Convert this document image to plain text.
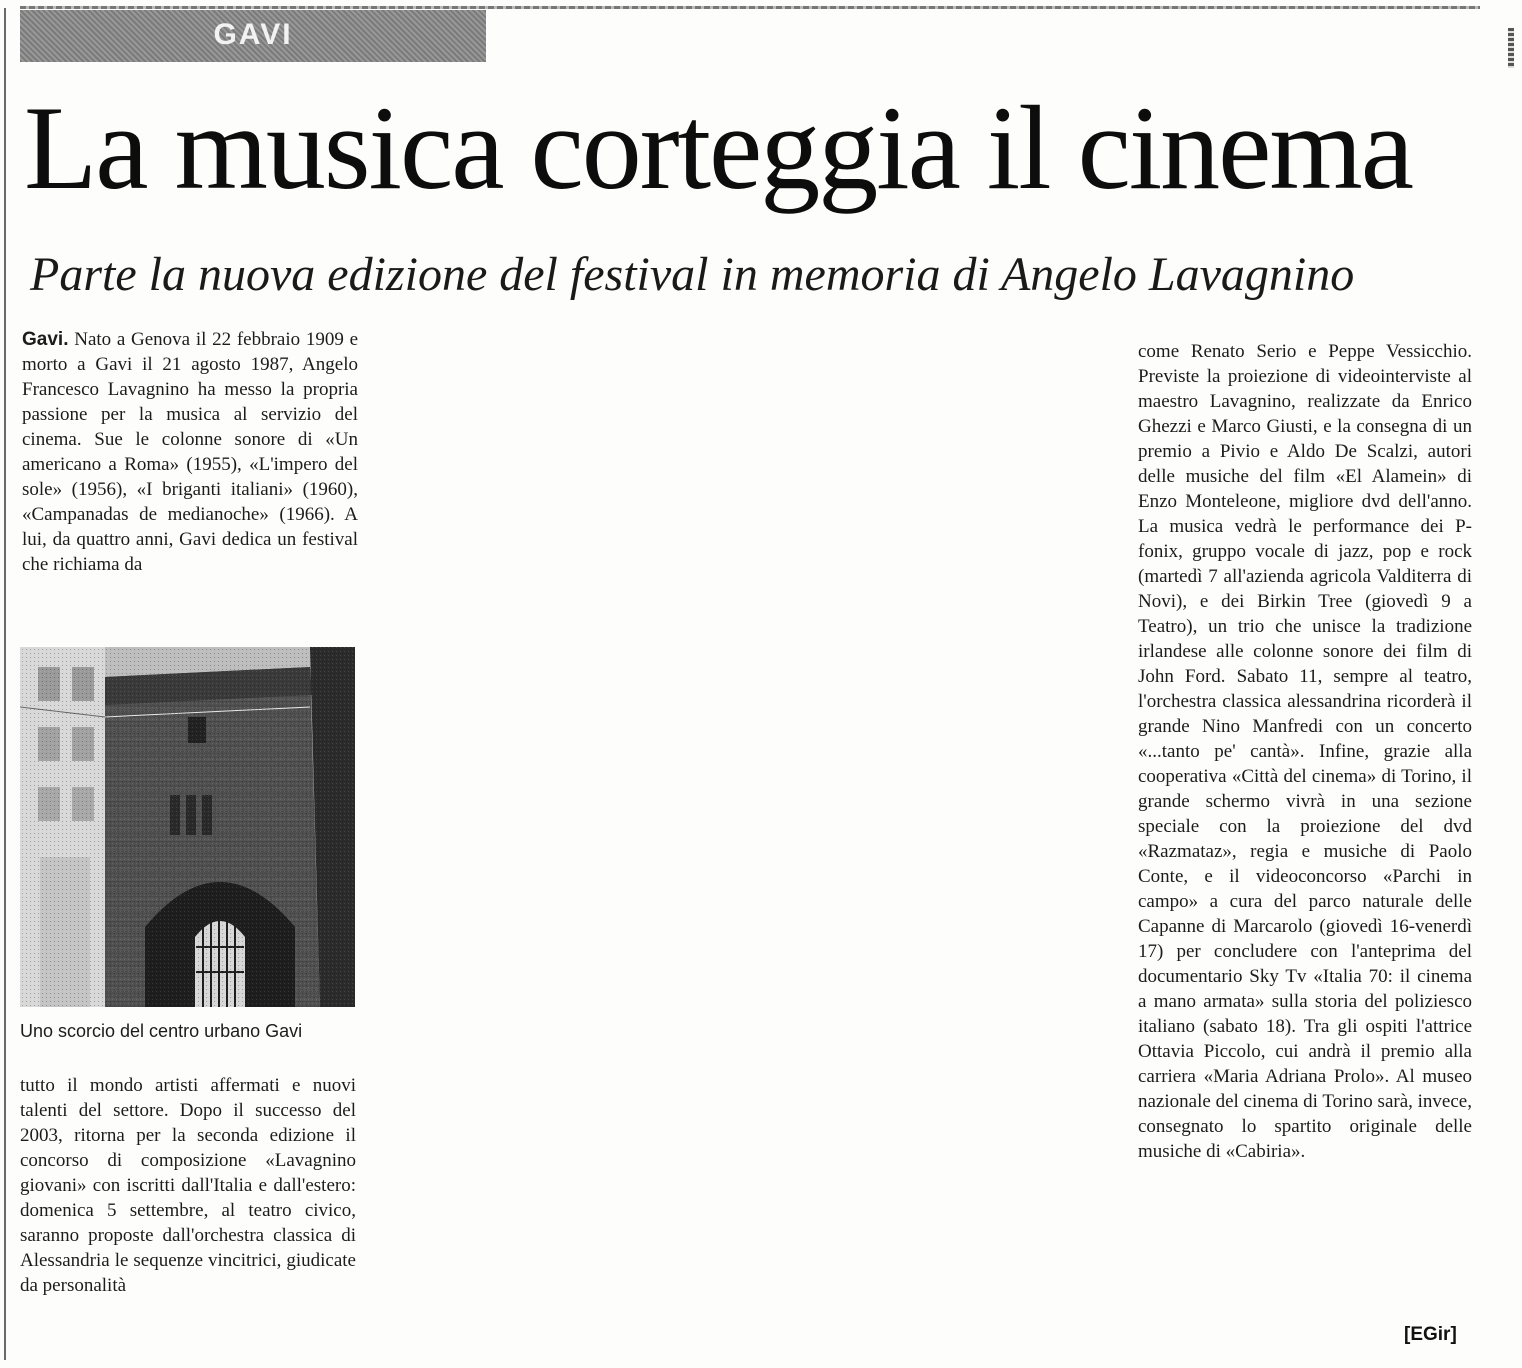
GAVI
La musica corteggia il cinema
Parte la nuova edizione del festival in memoria di Angelo Lavagnino
Gavi. Nato a Genova il 22 febbraio 1909 e morto a Gavi il 21 agosto 1987, Angelo Francesco Lavagnino ha messo la propria passione per la musica al servizio del cinema. Sue le colonne sonore di «Un americano a Roma» (1955), «L'impero del sole» (1956), «I briganti italiani» (1960), «Campanadas de medianoche» (1966). A lui, da quattro anni, Gavi dedica un festival che richiama da
Uno scorcio del centro urbano Gavi
tutto il mondo artisti affermati e nuovi talenti del settore. Dopo il successo del 2003, ritorna per la seconda edizione il concorso di composizione «Lavagnino giovani» con iscritti dall'Italia e dall'estero: domenica 5 settembre, al teatro civico, saranno proposte dall'orchestra classica di Alessandria le sequenze vincitrici, giudicate da personalità
come Renato Serio e Peppe Vessicchio. Previste la proiezione di videointerviste al maestro Lavagnino, realizzate da Enrico Ghezzi e Marco Giusti, e la consegna di un premio a Pivio e Aldo De Scalzi, autori delle musiche del film «El Alamein» di Enzo Monteleone, migliore dvd dell'anno. La musica vedrà le performance dei P-fonix, gruppo vocale di jazz, pop e rock (martedì 7 all'azienda agricola Valditerra di Novi), e dei Birkin Tree (giovedì 9 a Teatro), un trio che unisce la tradizione irlandese alle colonne sonore dei film di John Ford. Sabato 11, sempre al teatro, l'orchestra classica alessandrina ricorderà il grande Nino Manfredi con un concerto «...tanto pe' cantà». Infine, grazie alla cooperativa «Città del cinema» di Torino, il grande schermo vivrà in una sezione speciale con la proiezione del dvd «Razmataz», regia e musiche di Paolo Conte, e il videoconcorso «Parchi in campo» a cura del parco naturale delle Capanne di Marcarolo (giovedì 16-venerdì 17) per concludere con l'anteprima del documentario Sky Tv «Italia 70: il cinema a mano armata» sulla storia del poliziesco italiano (sabato 18). Tra gli ospiti l'attrice Ottavia Piccolo, cui andrà il premio alla carriera «Maria Adriana Prolo». Al museo nazionale del cinema di Torino sarà, invece, consegnato lo spartito originale delle musiche di «Cabiria».
[EGir]
